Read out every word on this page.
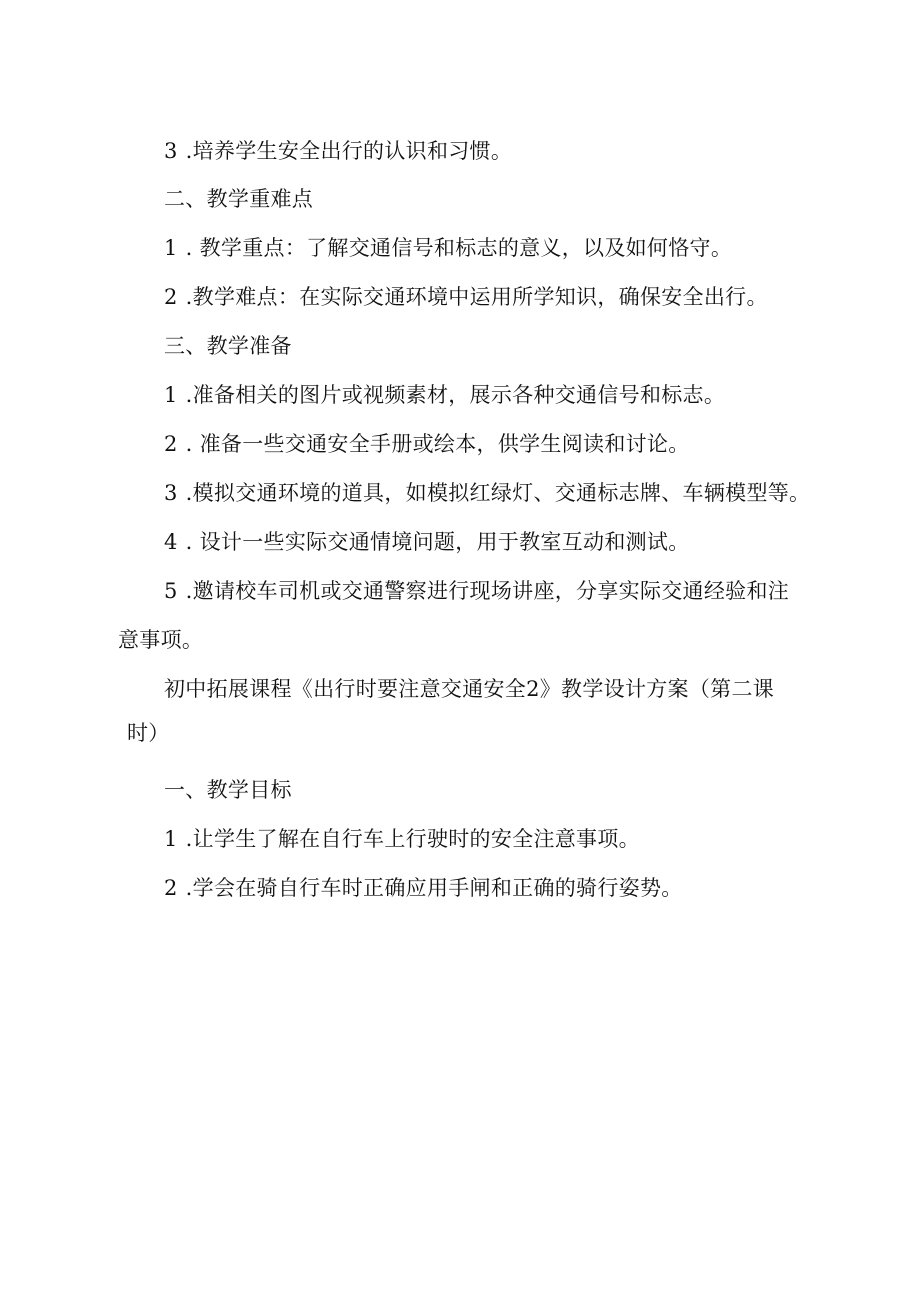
3 .培养学生安全出行的认识和习惯。
二、教学重难点
1 . 教学重点：了解交通信号和标志的意义，以及如何恪守。
2 .教学难点：在实际交通环境中运用所学知识，确保安全出行。
三、教学准备
1 .准备相关的图片或视频素材，展示各种交通信号和标志。
2 . 准备一些交通安全手册或绘本，供学生阅读和讨论。
3 .模拟交通环境的道具，如模拟红绿灯、交通标志牌、车辆模型等。
4 . 设计一些实际交通情境问题，用于教室互动和测试。
5 .邀请校车司机或交通警察进行现场讲座，分享实际交通经验和注
意事项。
初中拓展课程《出行时要注意交通安全2》教学设计方案（第二课
时）
一、教学目标
1 .让学生了解在自行车上行驶时的安全注意事项。
2 .学会在骑自行车时正确应用手闸和正确的骑行姿势。
